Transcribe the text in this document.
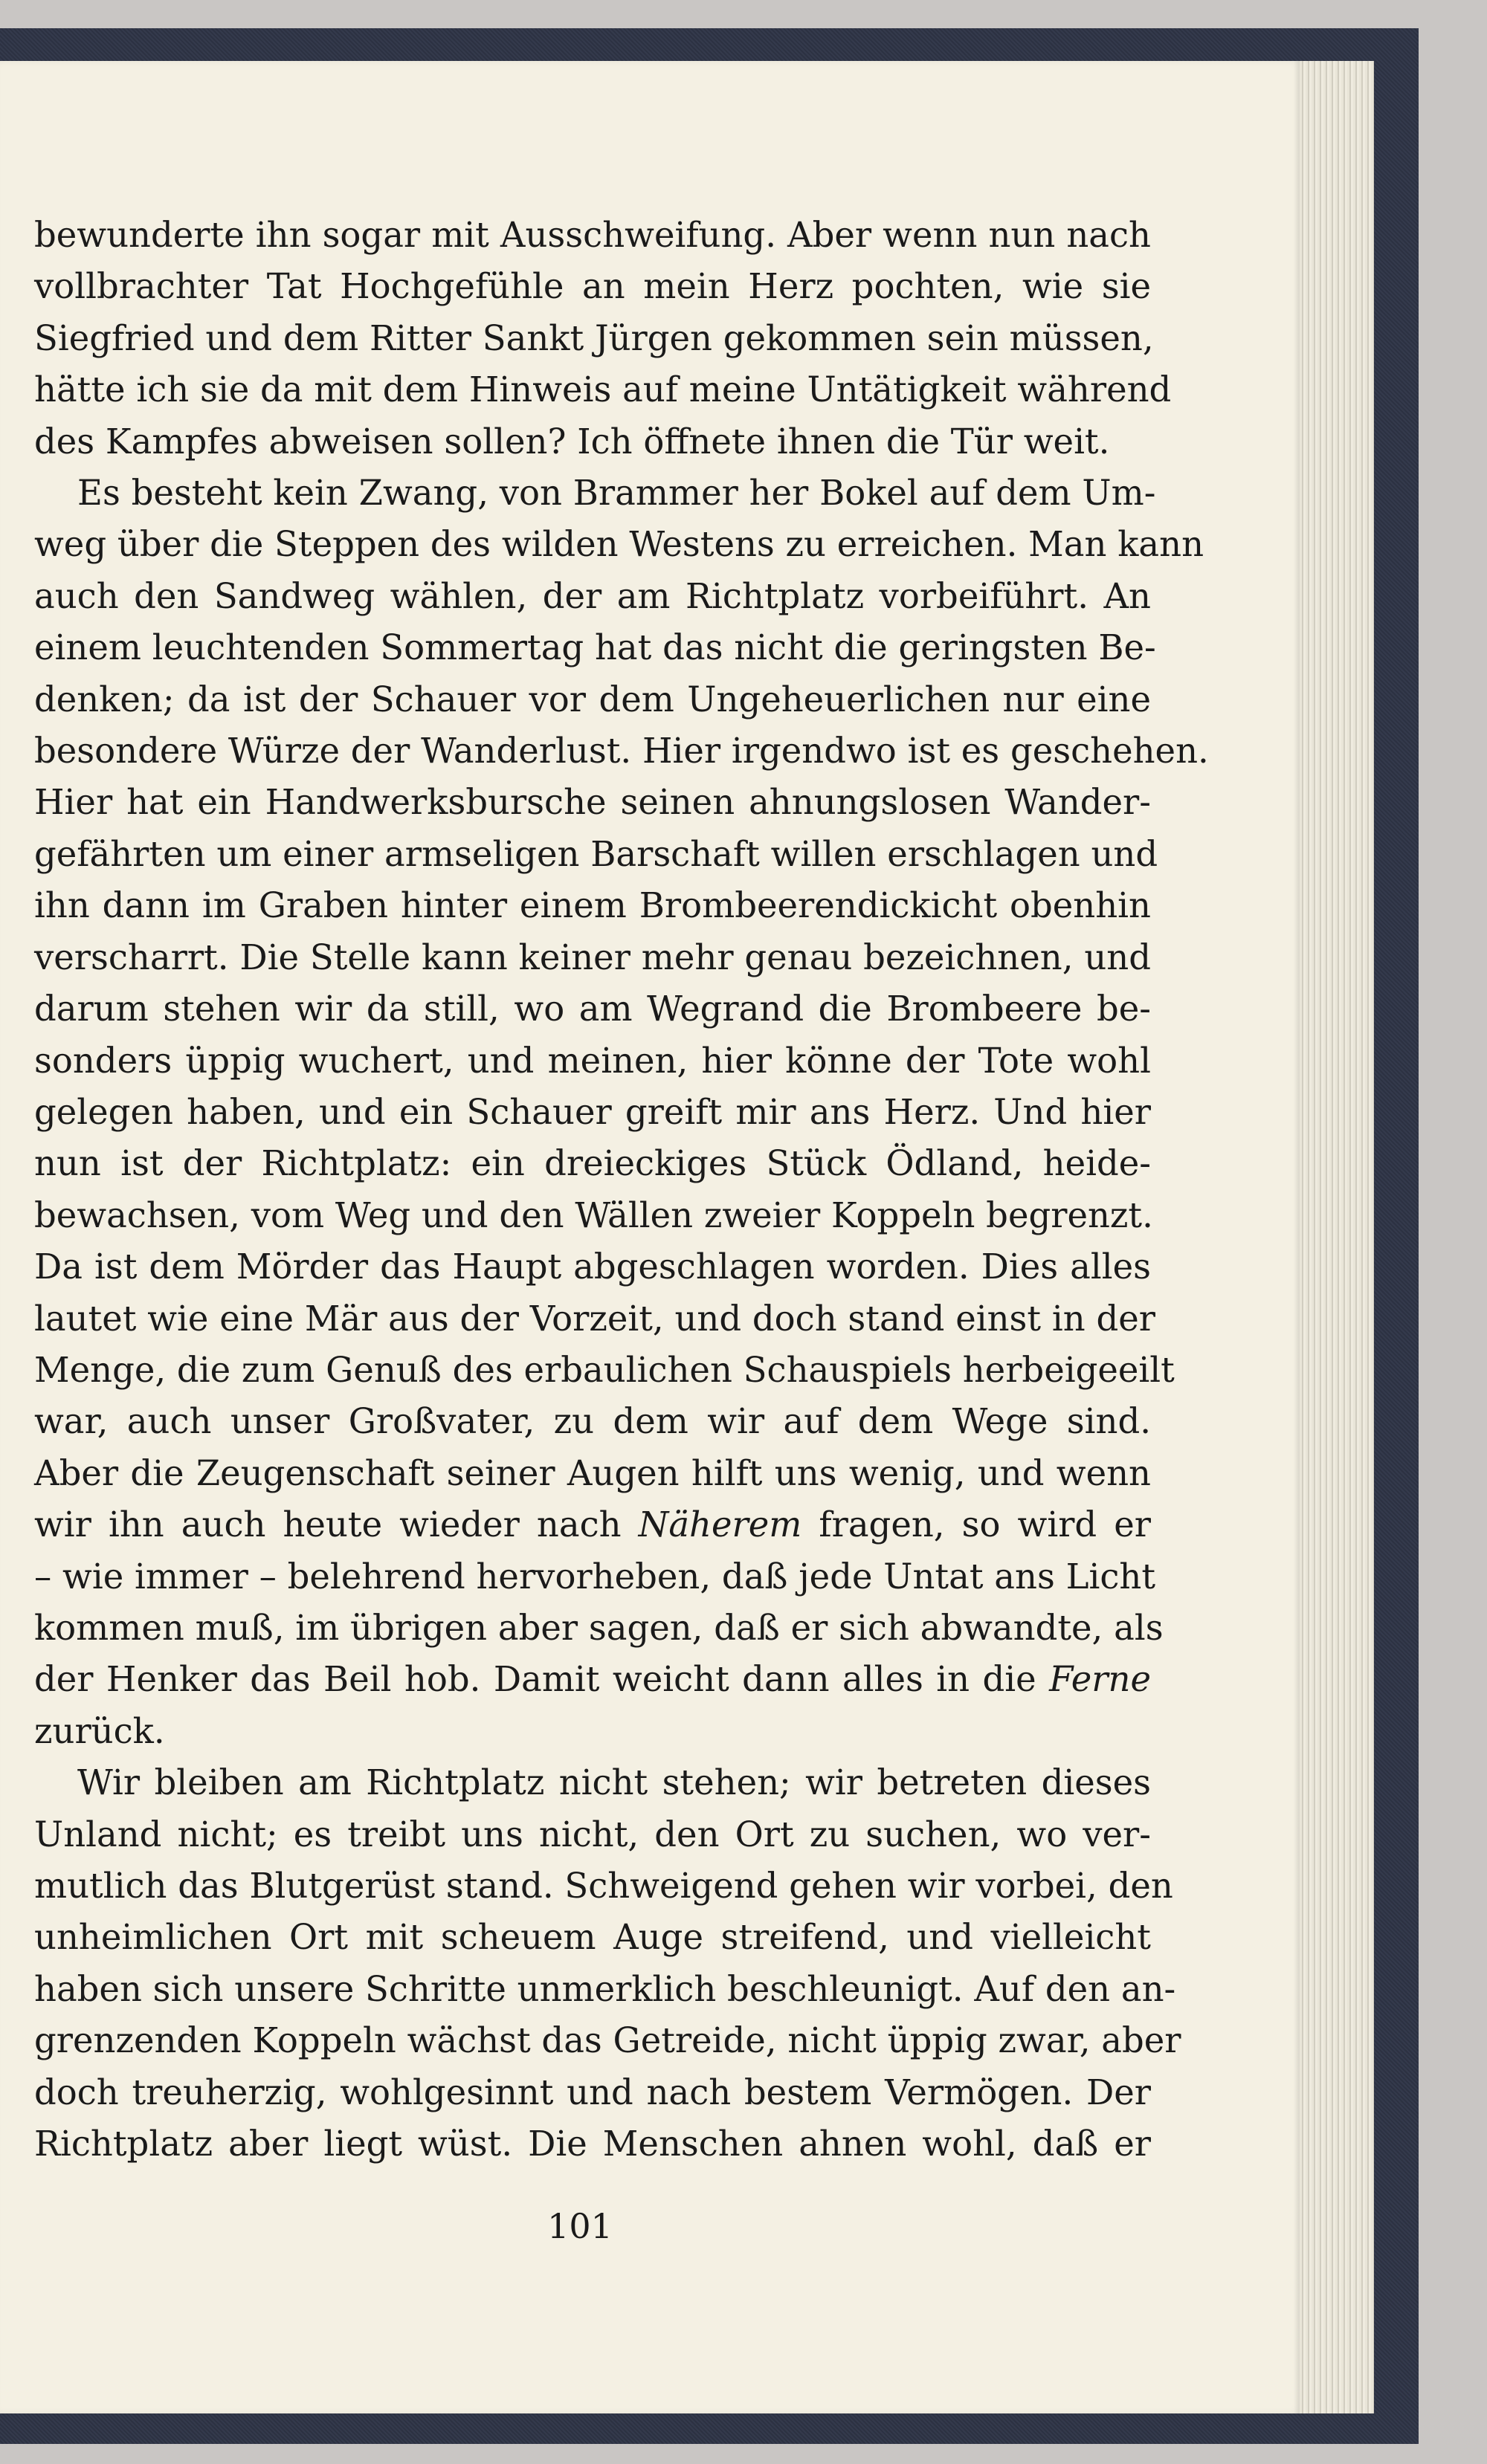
bewunderte ihn sogar mit Ausschweifung. Aber wenn nun nach
vollbrachter Tat Hochgefühle an mein Herz pochten, wie sie
Siegfried und dem Ritter Sankt Jürgen gekommen sein müssen,
hätte ich sie da mit dem Hinweis auf meine Untätigkeit während
des Kampfes abweisen sollen? Ich öffnete ihnen die Tür weit.
Es besteht kein Zwang, von Brammer her Bokel auf dem Um-
weg über die Steppen des wilden Westens zu erreichen. Man kann
auch den Sandweg wählen, der am Richtplatz vorbeiführt. An
einem leuchtenden Sommertag hat das nicht die geringsten Be-
denken; da ist der Schauer vor dem Ungeheuerlichen nur eine
besondere Würze der Wanderlust. Hier irgendwo ist es geschehen.
Hier hat ein Handwerksbursche seinen ahnungslosen Wander-
gefährten um einer armseligen Barschaft willen erschlagen und
ihn dann im Graben hinter einem Brombeerendickicht obenhin
verscharrt. Die Stelle kann keiner mehr genau bezeichnen, und
darum stehen wir da still, wo am Wegrand die Brombeere be-
sonders üppig wuchert, und meinen, hier könne der Tote wohl
gelegen haben, und ein Schauer greift mir ans Herz. Und hier
nun ist der Richtplatz: ein dreieckiges Stück Ödland, heide-
bewachsen, vom Weg und den Wällen zweier Koppeln begrenzt.
Da ist dem Mörder das Haupt abgeschlagen worden. Dies alles
lautet wie eine Mär aus der Vorzeit, und doch stand einst in der
Menge, die zum Genuß des erbaulichen Schauspiels herbeigeeilt
war, auch unser Großvater, zu dem wir auf dem Wege sind.
Aber die Zeugenschaft seiner Augen hilft uns wenig, und wenn
wir ihn auch heute wieder nach Näherem fragen, so wird er
– wie immer – belehrend hervorheben, daß jede Untat ans Licht
kommen muß, im übrigen aber sagen, daß er sich abwandte, als
der Henker das Beil hob. Damit weicht dann alles in die Ferne
zurück.
Wir bleiben am Richtplatz nicht stehen; wir betreten dieses
Unland nicht; es treibt uns nicht, den Ort zu suchen, wo ver-
mutlich das Blutgerüst stand. Schweigend gehen wir vorbei, den
unheimlichen Ort mit scheuem Auge streifend, und vielleicht
haben sich unsere Schritte unmerklich beschleunigt. Auf den an-
grenzenden Koppeln wächst das Getreide, nicht üppig zwar, aber
doch treuherzig, wohlgesinnt und nach bestem Vermögen. Der
Richtplatz aber liegt wüst. Die Menschen ahnen wohl, daß er
101
